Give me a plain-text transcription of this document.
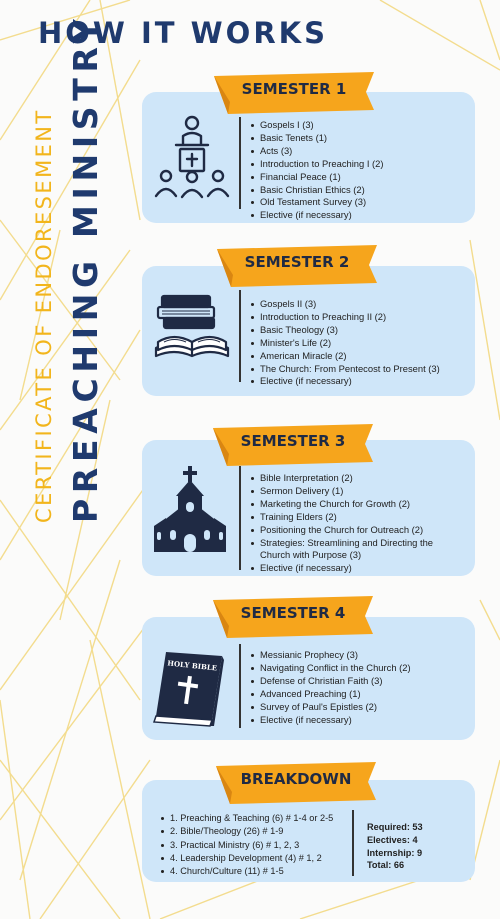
HOW IT WORKS
CERTIFICATE OF ENDORESEMENT PREACHING MINISTRY	Gospels I (3)
Basic Tenets (1)
Acts (3)
Introduction to Preaching I (2)
Financial Peace (1)
Basic Christian Ethics (2)
Old Testament Survey (3)
Elective (if necessary)
SEMESTER 1
Gospels II (3)
Introduction to Preaching II (2)
Basic Theology (3)
Minister's Life (2)
American Miracle (2)
The Church: From Pentecost to Present (3)
Elective (if necessary)
SEMESTER 2
Bible Interpretation (2)
Sermon Delivery (1)
Marketing the Church for Growth (2)
Training Elders (2)
Positioning the Church for Outreach (2)
Strategies: Streamlining and Directing the Church with Purpose (3)
Elective (if necessary)
SEMESTER 3
Messianic Prophecy (3)
Navigating Conflict in the Church (2)
Defense of Christian Faith (3)
Advanced Preaching (1)
Survey of Paul's Epistles (2)
Elective (if necessary)
SEMESTER 4
HOLY BIBLE
1. Preaching & Teaching (6) # 1-4 or 2-5
2. Bible/Theology (26) # 1-9
3. Practical Ministry (6) # 1, 2, 3
4. Leadership Development (4) # 1, 2
4. Church/Culture (11) # 1-5
Required: 53
Electives: 4
Internship: 9
Total: 66
BREAKDOWN
